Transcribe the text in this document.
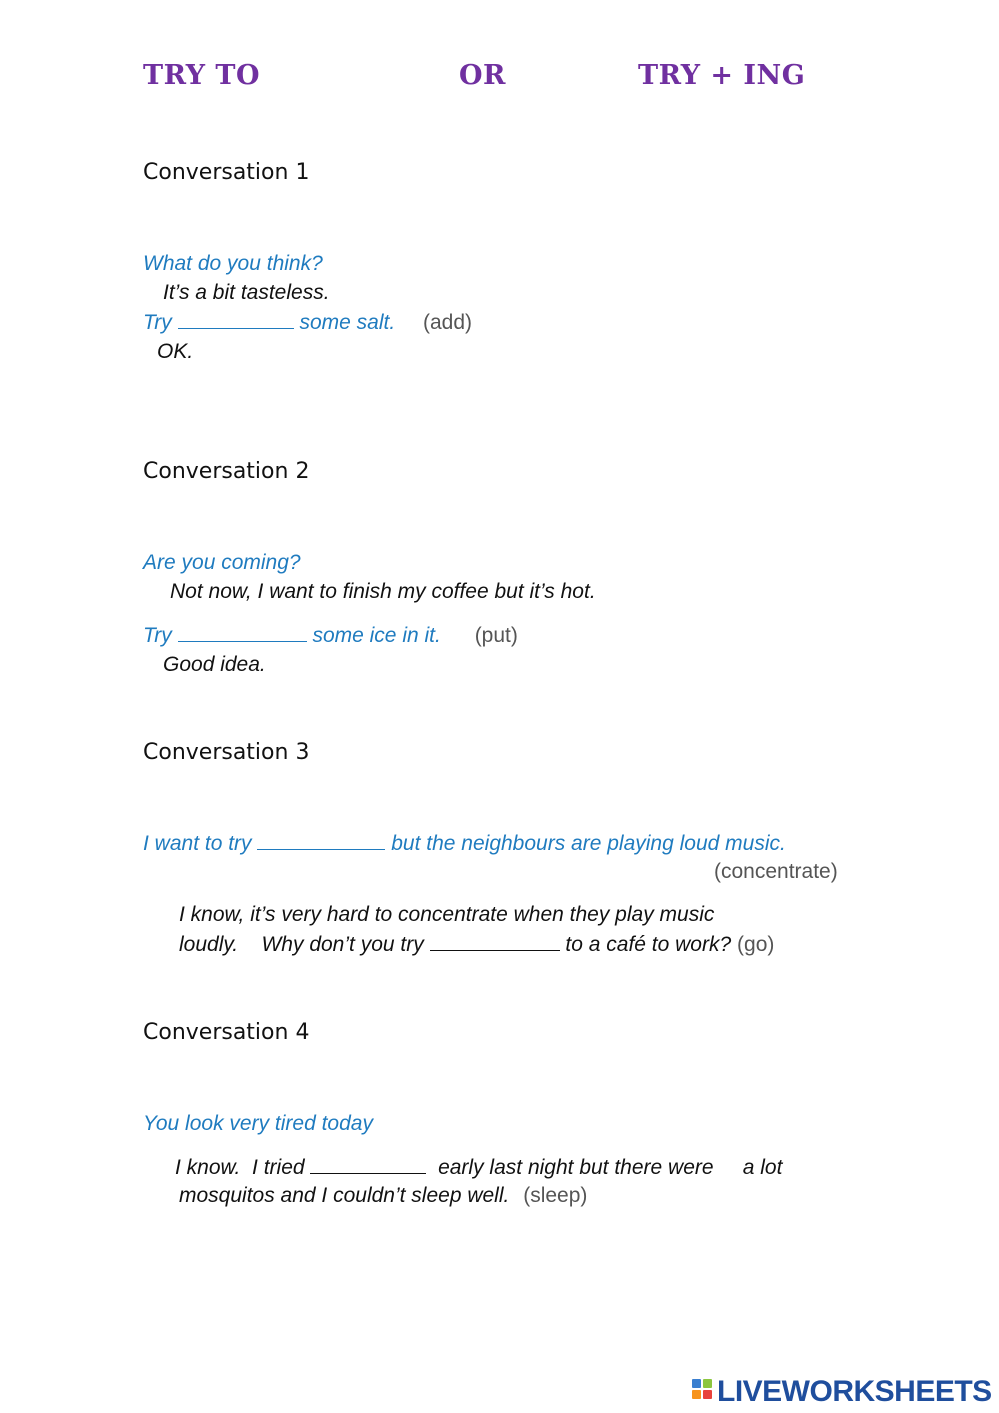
TRY TO	OR	TRY + ING
Conversation 1
What do you think?
It’s a bit tasteless.
Try	some salt. (add)
OK.
Conversation 2
Are you coming?
Not now, I want to finish my coffee but it’s hot.
Try	some ice in it. (put)
Good idea.
Conversation 3
I want to try	but the neighbours are playing loud music.
(concentrate)
I know, it’s very hard to concentrate when they play music
loudly.    Why don’t you try	to a café to work? (go)
Conversation 4
You look very tired today
I know.  I tried	early last night but there were     a lot
mosquitos and I couldn’t sleep well. (sleep)
LIVEWORKSHEETS
